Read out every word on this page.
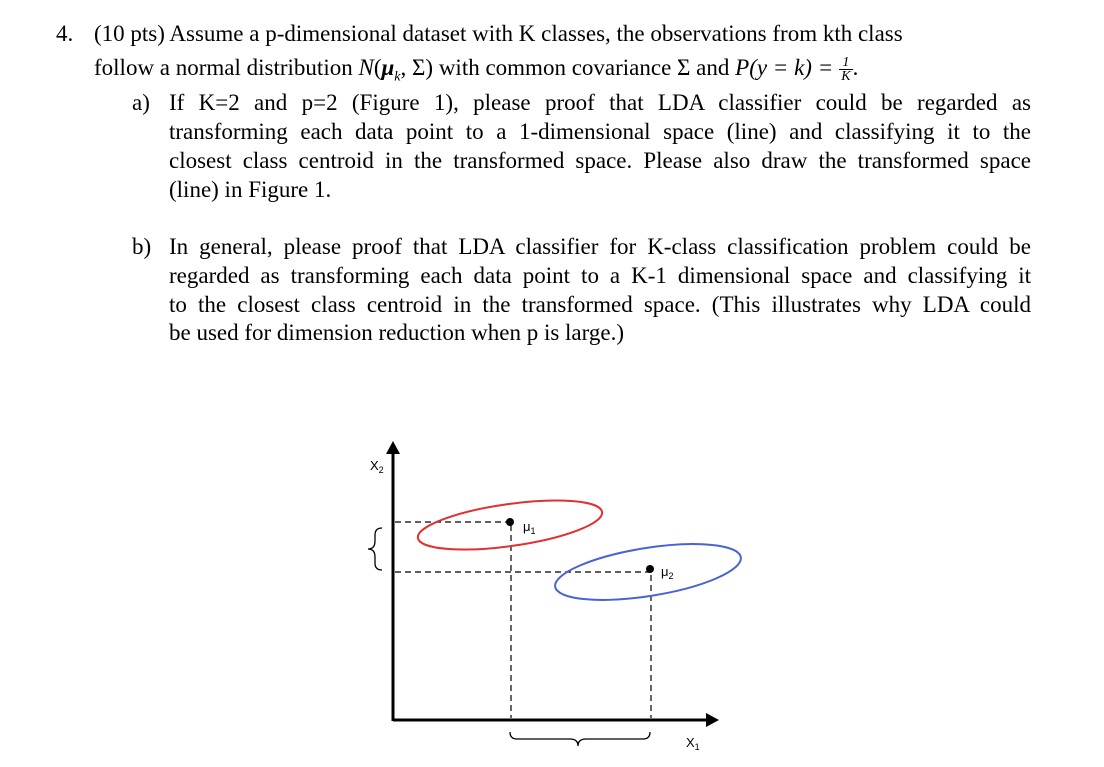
4. (10 pts) Assume a p-dimensional dataset with K classes, the observations from kth class
follow a normal distribution $N(\mu_k$, Σ) with common covariance Σ and $P(y = k) = \frac{1}{K}$ .
a) If K=2 and p=2 (Figure 1), please proof that LDA classifier could be regarded as
transforming each data point to a 1-dimensional space (line) and classifying it to the
closest class centroid in the transformed space. Please also draw the transformed space
(line) in Figure 1.
b) In general, please proof that LDA classifier for K-class classification problem could be
regarded as transforming each data point to a K-1 dimensional space and classifying it
to the closest class centroid in the transformed space. (This illustrates why LDA could
be used for dimension reduction when p is large.)
$X_2$
$X_1$
$\mu_1$
$\mu_2$
